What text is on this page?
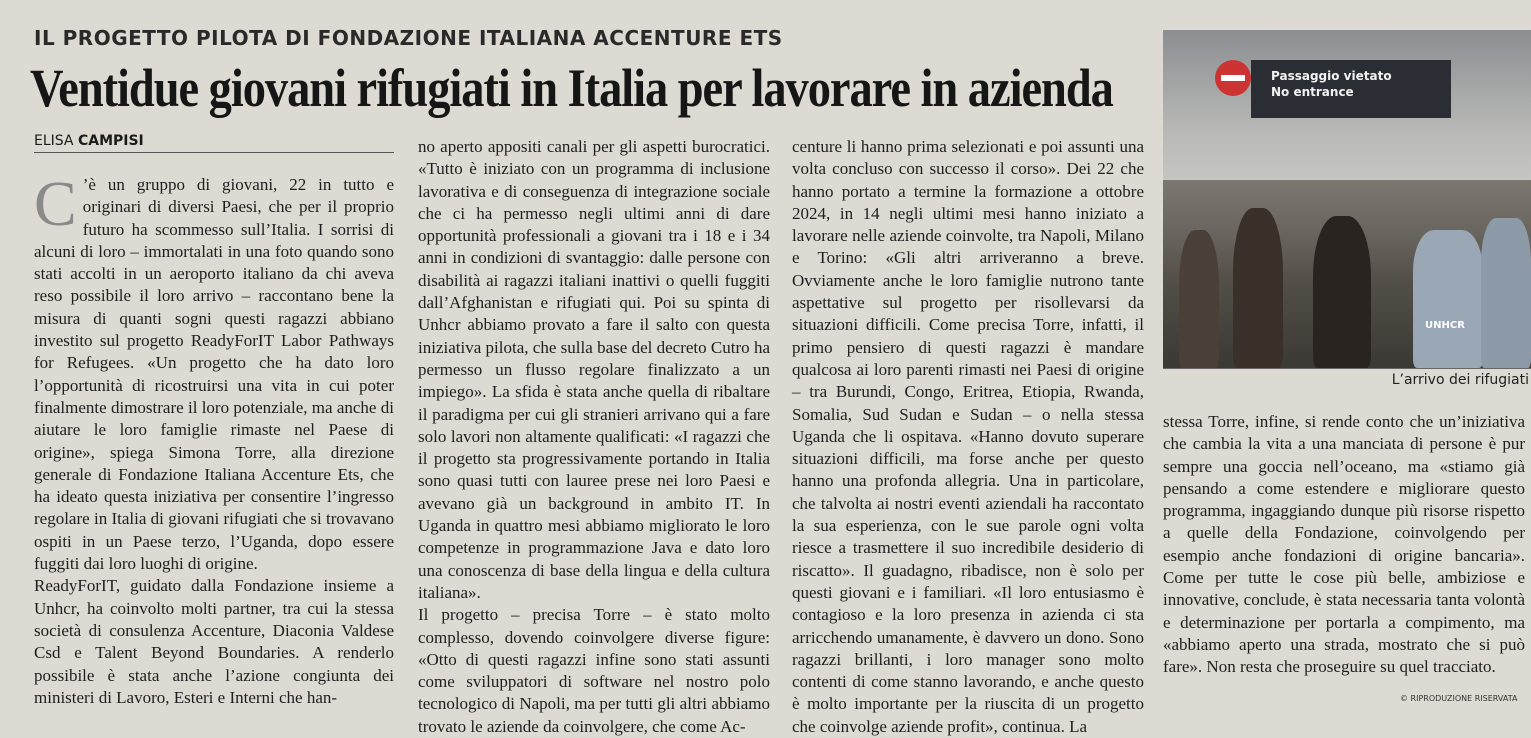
IL PROGETTO PILOTA DI FONDAZIONE ITALIANA ACCENTURE ETS
Ventidue giovani rifugiati in Italia per lavorare in azienda
ELISA CAMPISI

C ’è un gruppo di giovani, 22 in tutto e originari di diversi Paesi, che per il proprio futuro ha scommesso sull’Italia. I sorrisi di alcuni di loro – immortalati in una foto quando sono stati accolti in un aeroporto italiano da chi aveva reso possibile il loro arrivo – raccontano bene la misura di quanti sogni questi ragazzi abbiano investito sul progetto ReadyForIT Labor Pathways for Refugees. «Un progetto che ha dato loro l’opportunità di ricostruirsi una vita in cui poter finalmente dimostrare il loro potenziale, ma anche di aiutare le loro famiglie rimaste nel Paese di origine», spiega Simona Torre, alla direzione generale di Fondazione Italiana Accenture Ets, che ha ideato questa iniziativa per consentire l’ingresso regolare in Italia di giovani rifugiati che si trovavano ospiti in un Paese terzo, l’Uganda, dopo essere fuggiti dai loro luoghi di origine.

ReadyForIT, guidato dalla Fondazione insieme a Unhcr, ha coinvolto molti partner, tra cui la stessa società di consulenza Accenture, Diaconia Valdese Csd e Talent Beyond Boundaries. A renderlo possibile è stata anche l’azione congiunta dei ministeri di Lavoro, Esteri e Interni che han-

no aperto appositi canali per gli aspetti burocratici. «Tutto è iniziato con un programma di inclusione lavorativa e di conseguenza di integrazione sociale che ci ha permesso negli ultimi anni di dare opportunità professionali a giovani tra i 18 e i 34 anni in condizioni di svantaggio: dalle persone con disabilità ai ragazzi italiani inattivi o quelli fuggiti dall’Afghanistan e rifugiati qui. Poi su spinta di Unhcr abbiamo provato a fare il salto con questa iniziativa pilota, che sulla base del decreto Cutro ha permesso un flusso regolare finalizzato a un impiego». La sfida è stata anche quella di ribaltare il paradigma per cui gli stranieri arrivano qui a fare solo lavori non altamente qualificati: «I ragazzi che il progetto sta progressivamente portando in Italia sono quasi tutti con lauree prese nei loro Paesi e avevano già un background in ambito IT. In Uganda in quattro mesi abbiamo migliorato le loro competenze in programmazione Java e dato loro una conoscenza di base della lingua e della cultura italiana».

Il progetto – precisa Torre – è stato molto complesso, dovendo coinvolgere diverse figure: «Otto di questi ragazzi infine sono stati assunti come sviluppatori di software nel nostro polo tecnologico di Napoli, ma per tutti gli altri abbiamo trovato le aziende da coinvolgere, che come Ac-

centure li hanno prima selezionati e poi assunti una volta concluso con successo il corso». Dei 22 che hanno portato a termine la formazione a ottobre 2024, in 14 negli ultimi mesi hanno iniziato a lavorare nelle aziende coinvolte, tra Napoli, Milano e Torino: «Gli altri arriveranno a breve. Ovviamente anche le loro famiglie nutrono tante aspettative sul progetto per risollevarsi da situazioni difficili. Come precisa Torre, infatti, il primo pensiero di questi ragazzi è mandare qualcosa ai loro parenti rimasti nei Paesi di origine – tra Burundi, Congo, Eritrea, Etiopia, Rwanda, Somalia, Sud Sudan e Sudan – o nella stessa Uganda che li ospitava. «Hanno dovuto superare situazioni difficili, ma forse anche per questo hanno una profonda allegria. Una in particolare, che talvolta ai nostri eventi aziendali ha raccontato la sua esperienza, con le sue parole ogni volta riesce a trasmettere il suo incredibile desiderio di riscatto». Il guadagno, ribadisce, non è solo per questi giovani e i familiari. «Il loro entusiasmo è contagioso e la loro presenza in azienda ci sta arricchendo umanamente, è davvero un dono. Sono ragazzi brillanti, i loro manager sono molto contenti di come stanno lavorando, e anche questo è molto importante per la riuscita di un progetto che coinvolge aziende profit», continua. La

Passaggio vietato
No entrance
UNHCR
L’arrivo dei rifugiati

stessa Torre, infine, si rende conto che un’iniziativa che cambia la vita a una manciata di persone è pur sempre una goccia nell’oceano, ma «stiamo già pensando a come estendere e migliorare questo programma, ingaggiando dunque più risorse rispetto a quelle della Fondazione, coinvolgendo per esempio anche fondazioni di origine bancaria». Come per tutte le cose più belle, ambiziose e innovative, conclude, è stata necessaria tanta volontà e determinazione per portarla a compimento, ma «abbiamo aperto una strada, mostrato che si può fare». Non resta che proseguire su quel tracciato.

© RIPRODUZIONE RISERVATA
